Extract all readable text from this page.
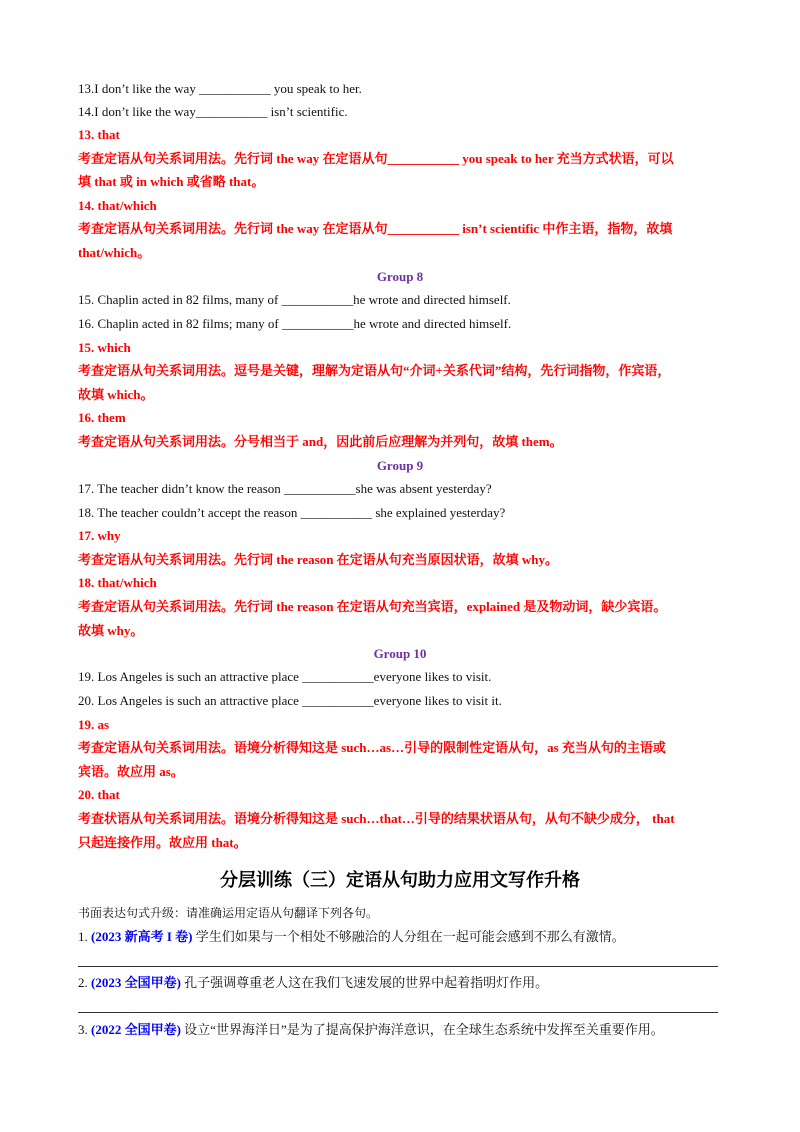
13.I don’t like the way ___________ you speak to her.
14.I don’t like the way___________ isn’t scientific.
13. that
考查定语从句关系词用法。先行词 the way 在定语从句___________ you speak to her 充当方式状语，可以
填 that 或 in which 或省略 that。
14. that/which
考查定语从句关系词用法。先行词 the way 在定语从句___________ isn’t scientific 中作主语，指物，故填
that/which。
Group 8
15. Chaplin acted in 82 films, many of ___________he wrote and directed himself.
16. Chaplin acted in 82 films; many of ___________he wrote and directed himself.
15. which
考查定语从句关系词用法。逗号是关键，理解为定语从句“介词+关系代词”结构，先行词指物，作宾语，
故填 which。
16. them
考查定语从句关系词用法。分号相当于 and，因此前后应理解为并列句，故填 them。
Group 9
17. The teacher didn’t know the reason ___________she was absent yesterday?
18. The teacher couldn’t accept the reason ___________ she explained yesterday?
17. why
考查定语从句关系词用法。先行词 the reason 在定语从句充当原因状语，故填 why。
18. that/which
考查定语从句关系词用法。先行词 the reason 在定语从句充当宾语，explained 是及物动词，缺少宾语。
故填 why。
Group 10
19. Los Angeles is such an attractive place ___________everyone likes to visit.
20. Los Angeles is such an attractive place ___________everyone likes to visit it.
19. as
考查定语从句关系词用法。语境分析得知这是 such…as…引导的限制性定语从句，as 充当从句的主语或
宾语。故应用 as。
20. that
考查状语从句关系词用法。语境分析得知这是 such…that…引导的结果状语从句，从句不缺少成分， that
只起连接作用。故应用 that。
分层训练（三）定语从句助力应用文写作升格
书面表达句式升级：请准确运用定语从句翻译下列各句。
1. (2023 新高考 I 卷) 学生们如果与一个相处不够融洽的人分组在一起可能会感到不那么有激情。
2. (2023 全国甲卷) 孔子强调尊重老人这在我们飞速发展的世界中起着指明灯作用。
3. (2022 全国甲卷) 设立“世界海洋日”是为了提高保护海洋意识，在全球生态系统中发挥至关重要作用。
